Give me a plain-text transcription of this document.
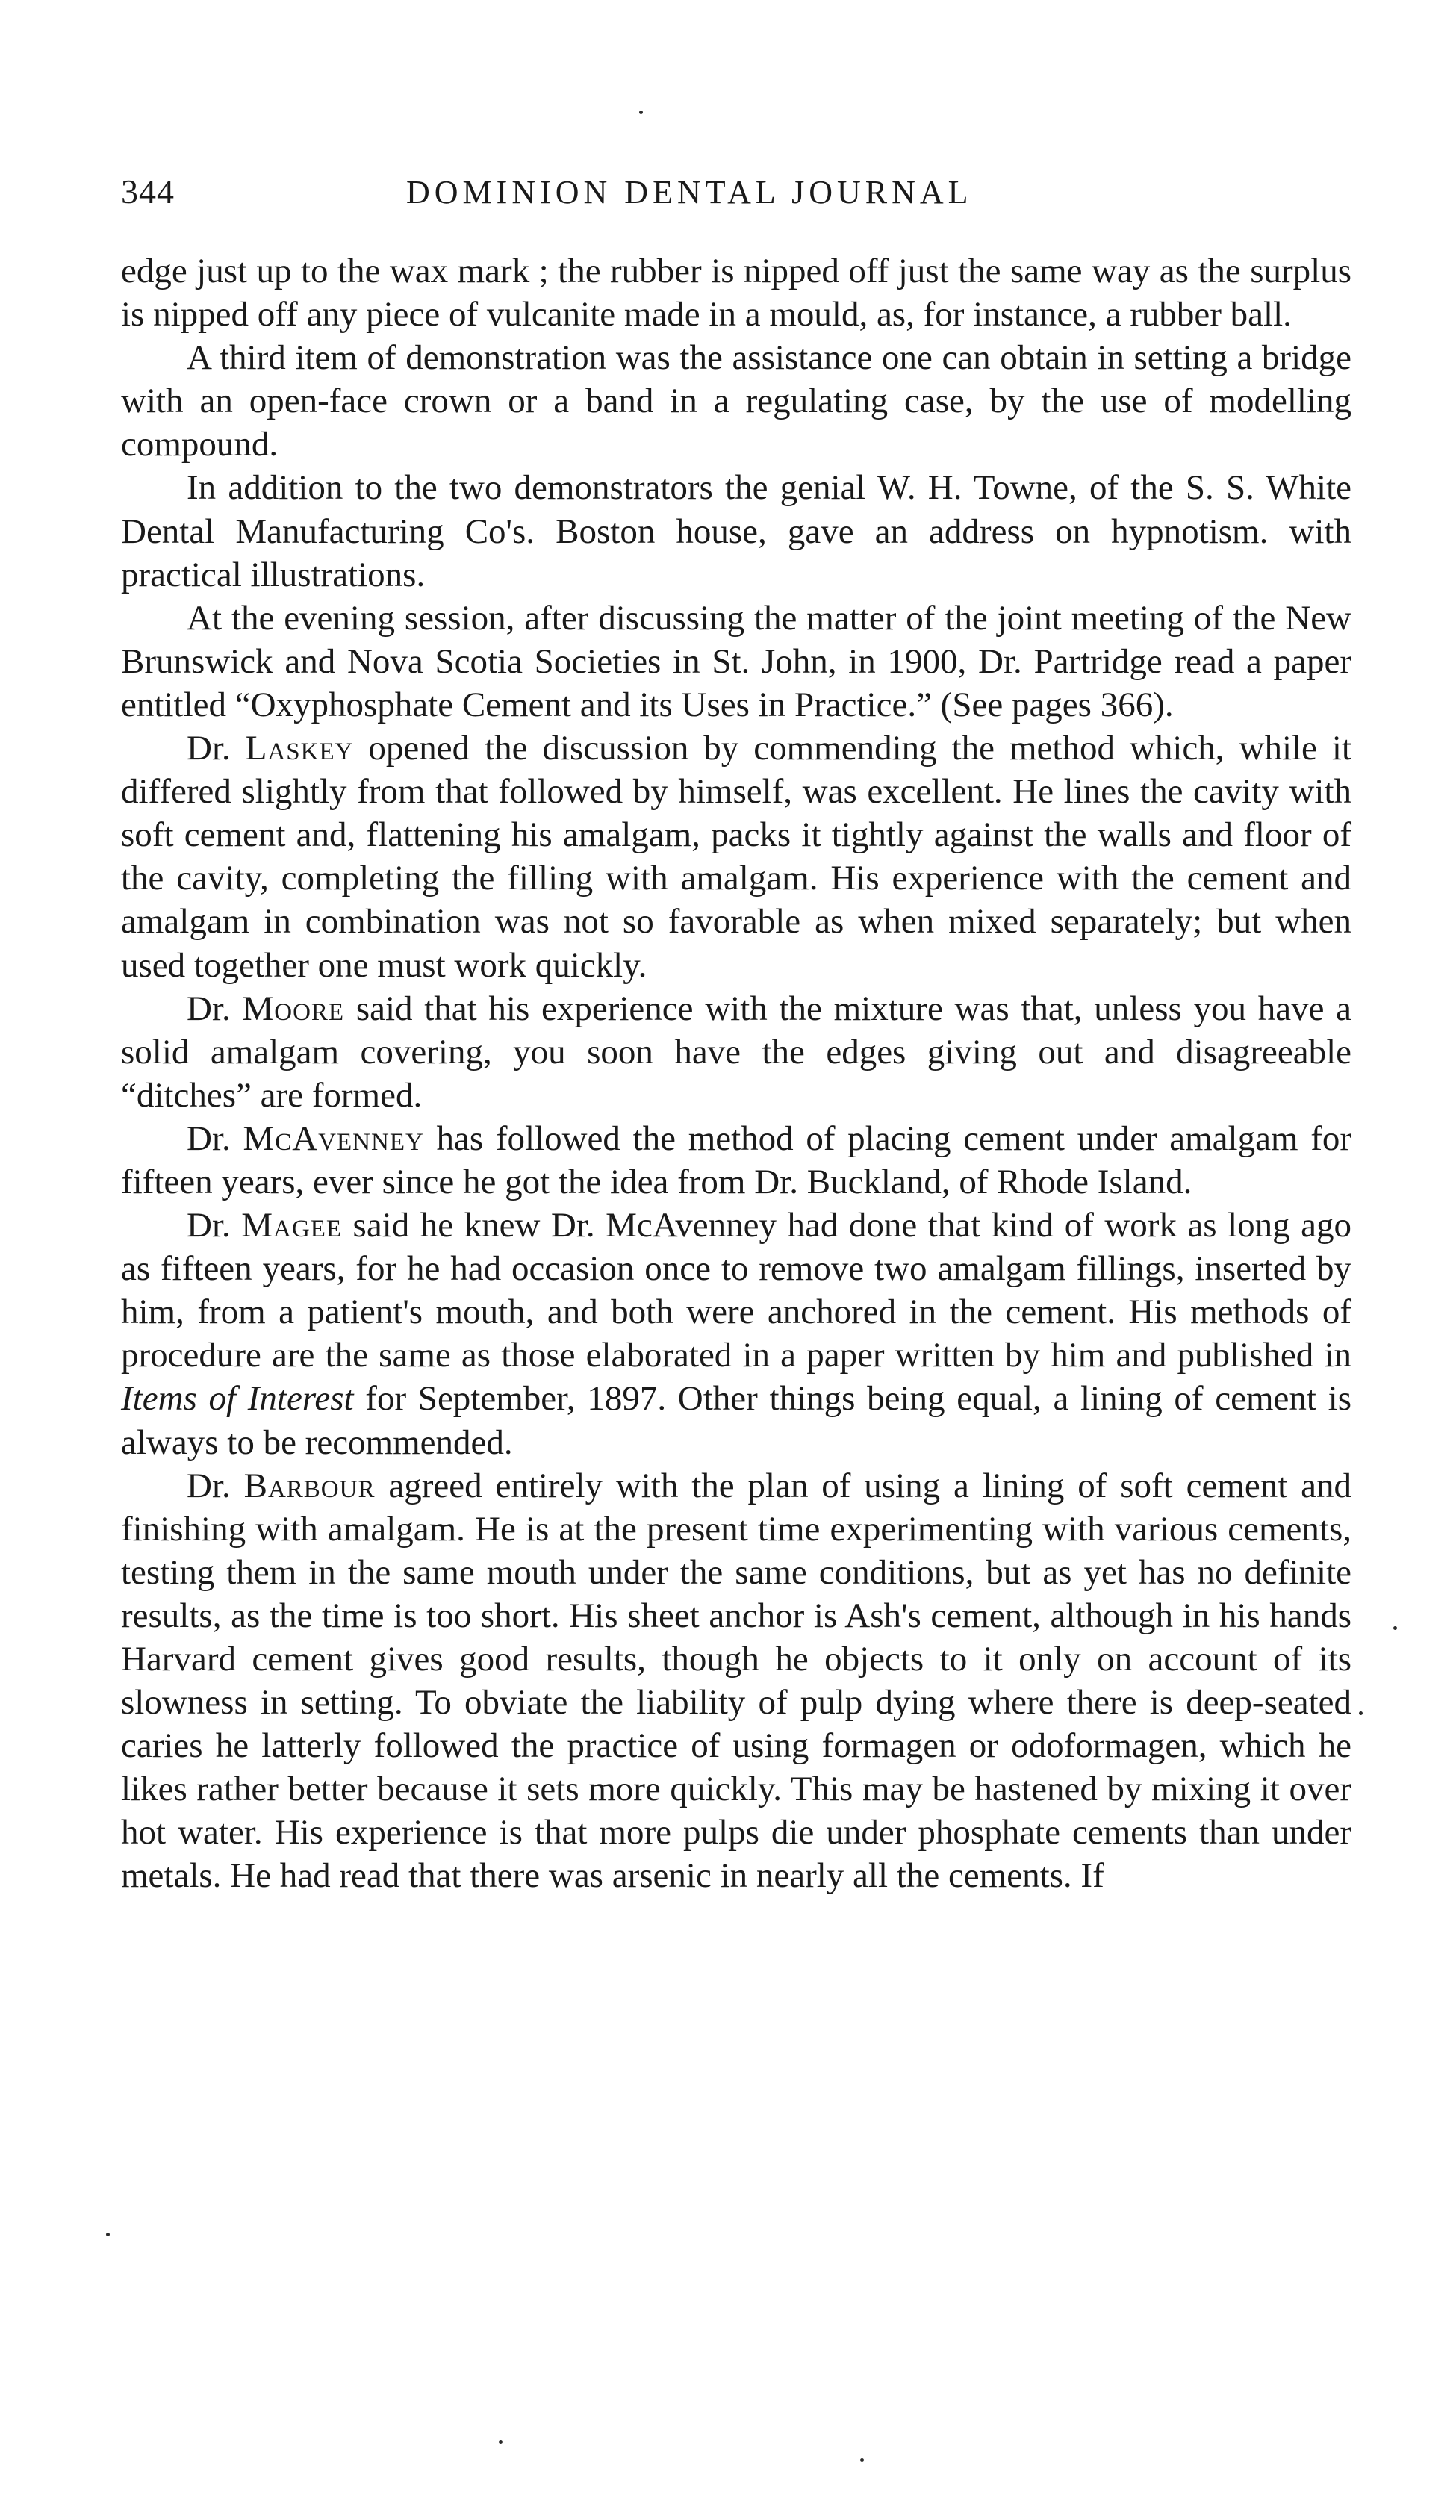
344	DOMINION DENTAL JOURNAL

edge just up to the wax mark ; the rubber is nipped off just the same way as the surplus is nipped off any piece of vulcanite made in a mould, as, for instance, a rubber ball.

A third item of demonstration was the assistance one can obtain in setting a bridge with an open-face crown or a band in a regulating case, by the use of modelling compound.

In addition to the two demonstrators the genial W. H. Towne, of the S. S. White Dental Manufacturing Co's. Boston house, gave an address on hypnotism. with practical illustrations.

At the evening session, after discussing the matter of the joint meeting of the New Brunswick and Nova Scotia Societies in St. John, in 1900, Dr. Partridge read a paper entitled “Oxyphosphate Cement and its Uses in Practice.” (See pages 366).

Dr. Laskey opened the discussion by commending the method which, while it differed slightly from that followed by himself, was excellent. He lines the cavity with soft cement and, flattening his amalgam, packs it tightly against the walls and floor of the cavity, completing the filling with amalgam. His experience with the cement and amalgam in combination was not so favorable as when mixed separately; but when used together one must work quickly.

Dr. Moore said that his experience with the mixture was that, unless you have a solid amalgam covering, you soon have the edges giving out and disagreeable “ditches” are formed.

Dr. McAvenney has followed the method of placing cement under amalgam for fifteen years, ever since he got the idea from Dr. Buckland, of Rhode Island.

Dr. Magee said he knew Dr. McAvenney had done that kind of work as long ago as fifteen years, for he had occasion once to remove two amalgam fillings, inserted by him, from a patient's mouth, and both were anchored in the cement. His methods of procedure are the same as those elaborated in a paper written by him and published in Items of Interest for September, 1897. Other things being equal, a lining of cement is always to be recommended.

Dr. Barbour agreed entirely with the plan of using a lining of soft cement and finishing with amalgam. He is at the present time experimenting with various cements, testing them in the same mouth under the same conditions, but as yet has no definite results, as the time is too short. His sheet anchor is Ash's cement, although in his hands Harvard cement gives good results, though he objects to it only on account of its slowness in setting. To obviate the liability of pulp dying where there is deep-seated caries he latterly followed the practice of using formagen or odoformagen, which he likes rather better because it sets more quickly. This may be hastened by mixing it over hot water. His experience is that more pulps die under phosphate cements than under metals. He had read that there was arsenic in nearly all the cements. If
